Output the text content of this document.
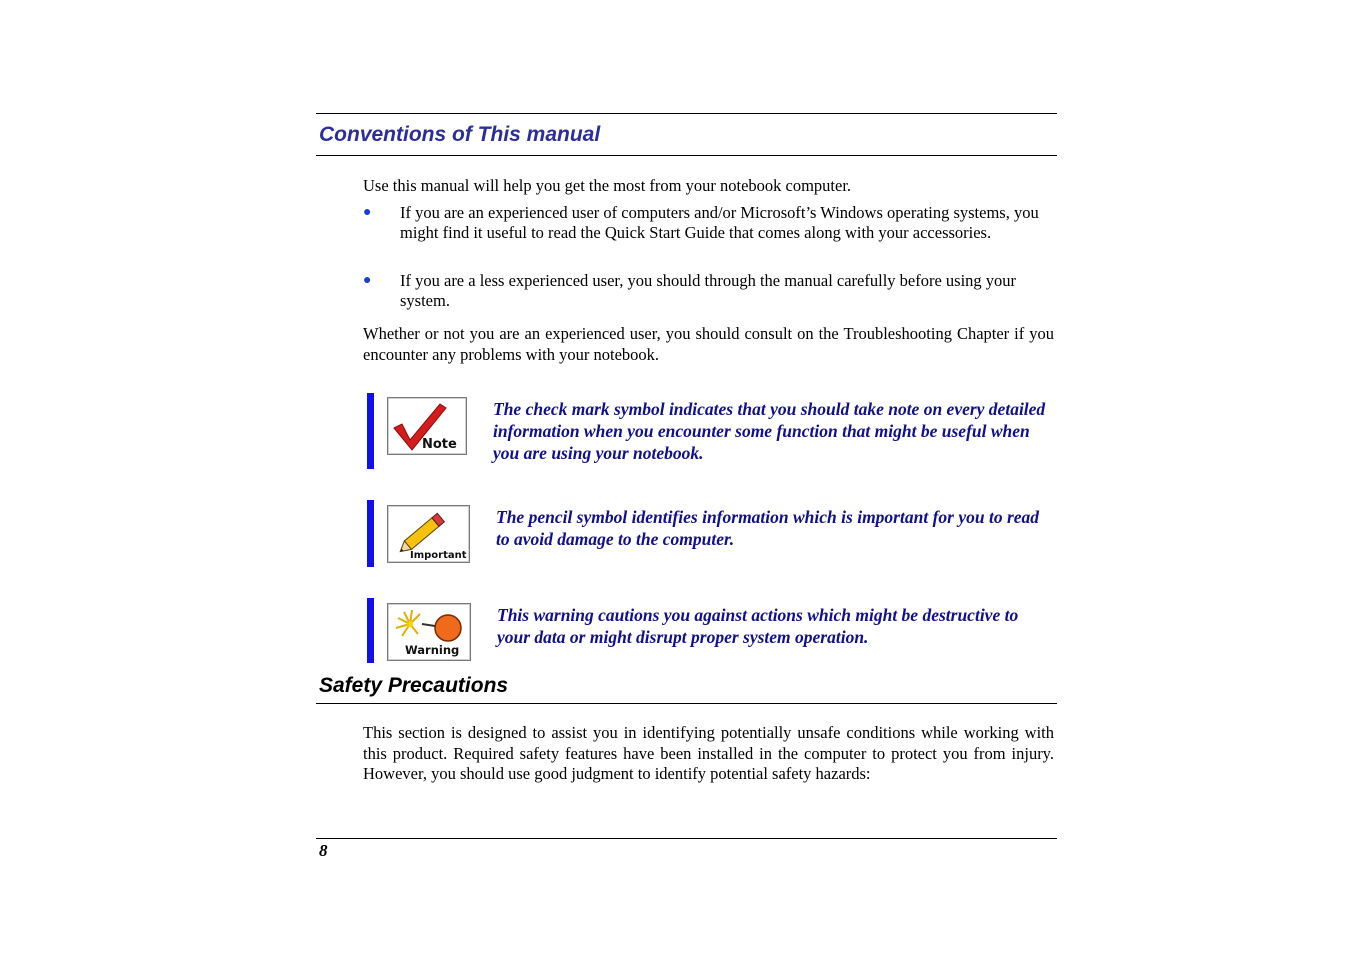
Conventions of This manual

Use this manual will help you get the most from your notebook computer.

● If you are an experienced user of computers and/or Microsoft’s Windows operating systems, you might find it useful to read the Quick Start Guide that comes along with your accessories.
● If you are a less experienced user, you should through the manual carefully before using your system.

Whether or not you are an experienced user, you should consult on the Troubleshooting Chapter if you encounter any problems with your notebook.

Note

The check mark symbol indicates that you should take note on every detailed information when you encounter some function that might be useful when you are using your notebook.

Important

The pencil symbol identifies information which is important for you to read to avoid damage to the computer.

Warning

This warning cautions you against actions which might be destructive to your data or might disrupt proper system operation.

Safety Precautions

This section is designed to assist you in identifying potentially unsafe conditions while working with this product. Required safety features have been installed in the computer to protect you from injury. However, you should use good judgment to identify potential safety hazards:

8
